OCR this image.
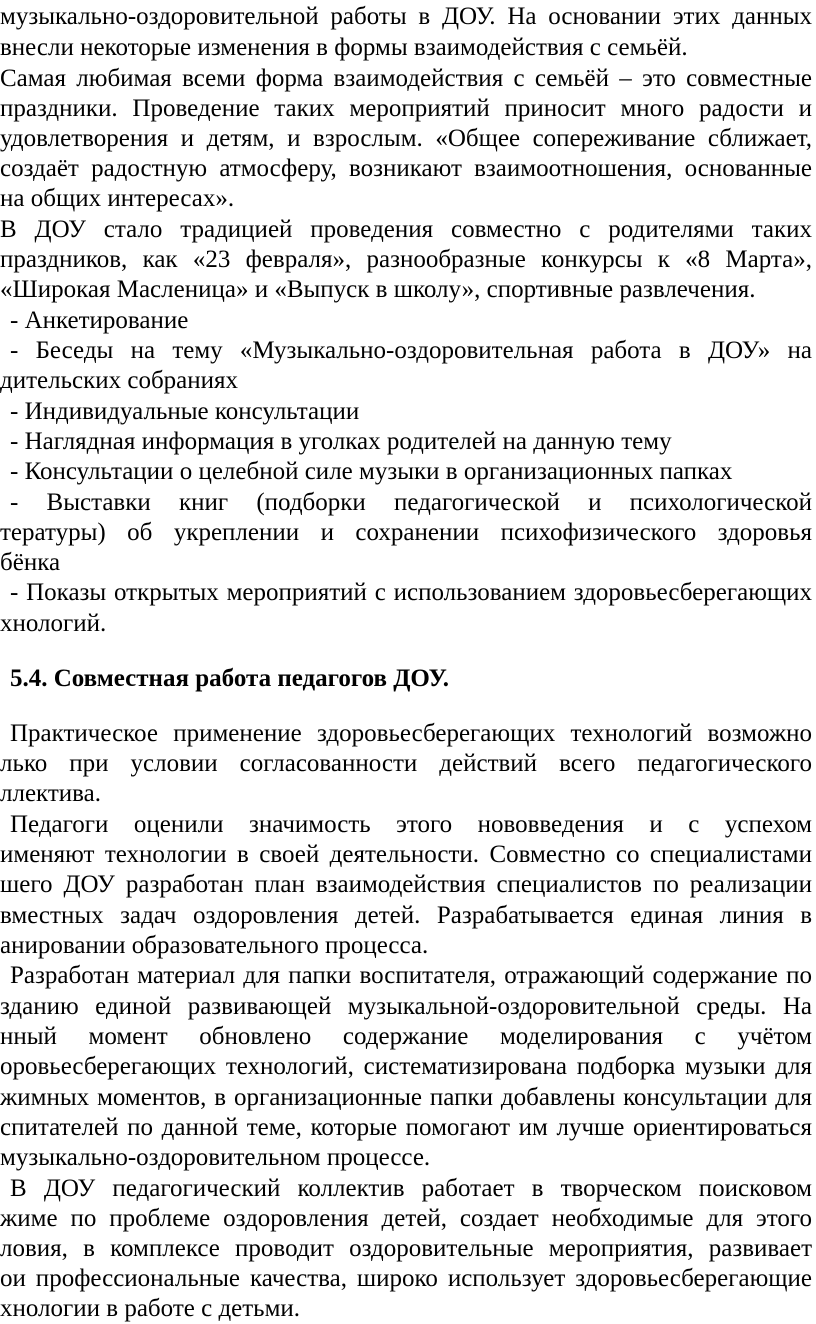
музыкально-оздоровительной работы в ДОУ. На основании этих данных
внесли некоторые изменения в формы взаимодействия с семьёй.
Самая любимая всеми форма взаимодействия с семьёй – это совместные
праздники. Проведение таких мероприятий приносит много радости и
удовлетворения и детям, и взрослым. «Общее сопереживание сближает,
создаёт радостную атмосферу, возникают взаимоотношения, основанные
на общих интересах».
В ДОУ стало традицией проведения совместно с родителями таких
праздников, как «23 февраля», разнообразные конкурсы к «8 Марта»,
«Широкая Масленица» и «Выпуск в школу», спортивные развлечения.
- Анкетирование
- Беседы на тему «Музыкально-оздоровительная работа в ДОУ» на
дительских собраниях
- Индивидуальные консультации
- Наглядная информация в уголках родителей на данную тему
- Консультации о целебной силе музыки в организационных папках
- Выставки книг (подборки педагогической и психологической
тературы) об укреплении и сохранении психофизического здоровья
бёнка
- Показы открытых мероприятий с использованием здоровьесберегающих
хнологий.
5.4. Совместная работа педагогов ДОУ.
Практическое применение здоровьесберегающих технологий возможно
лько при условии согласованности действий всего педагогического
ллектива.
Педагоги оценили значимость этого нововведения и с успехом
именяют технологии в своей деятельности. Совместно со специалистами
шего ДОУ разработан план взаимодействия специалистов по реализации
вместных задач оздоровления детей. Разрабатывается единая линия в
анировании образовательного процесса.
Разработан материал для папки воспитателя, отражающий содержание по
зданию единой развивающей музыкальной-оздоровительной среды. На
нный момент обновлено содержание моделирования с учётом
оровьесберегающих технологий, систематизирована подборка музыки для
жимных моментов, в организационные папки добавлены консультации для
спитателей по данной теме, которые помогают им лучше ориентироваться
музыкально-оздоровительном процессе.
В ДОУ педагогический коллектив работает в творческом поисковом
жиме по проблеме оздоровления детей, создает необходимые для этого
ловия, в комплексе проводит оздоровительные мероприятия, развивает
ои профессиональные качества, широко использует здоровьесберегающие
хнологии в работе с детьми.
